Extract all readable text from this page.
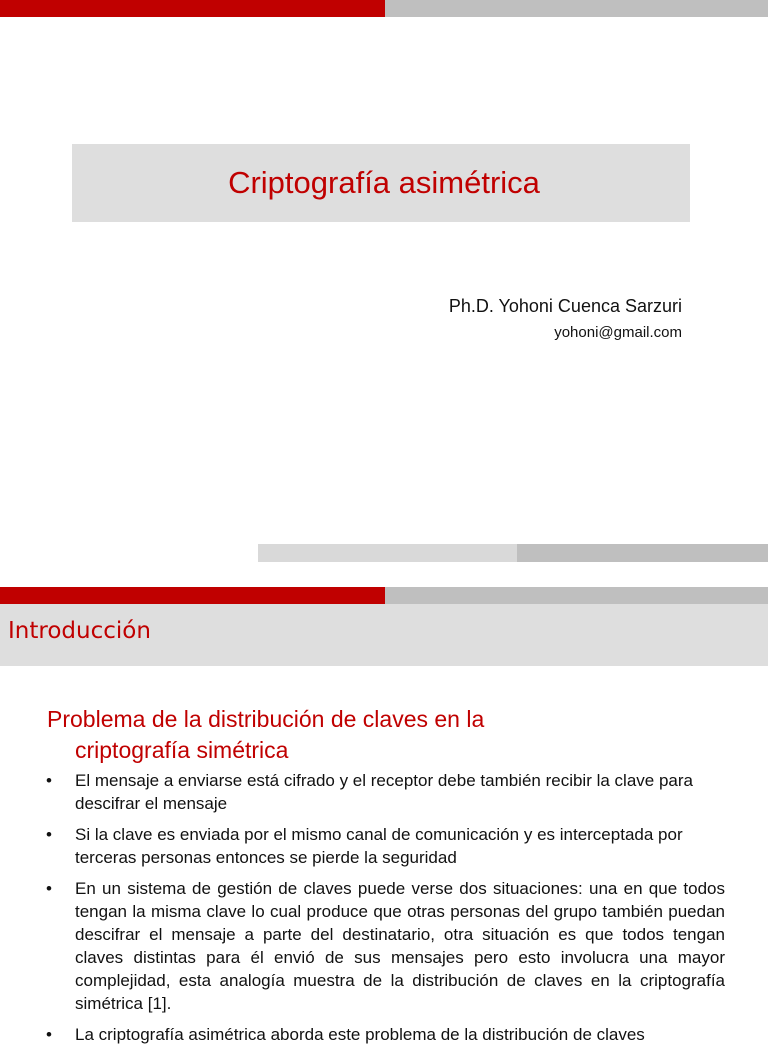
Criptografía asimétrica
Ph.D. Yohoni Cuenca Sarzuri
yohoni@gmail.com
Introducción
Problema de la distribución de claves en la criptografía simétrica
• El mensaje a enviarse está cifrado y el receptor debe también recibir la clave para descifrar el mensaje
• Si la clave es enviada por el mismo canal de comunicación y es interceptada por terceras personas entonces se pierde la seguridad
• En un sistema de gestión de claves puede verse dos situaciones: una en que todos tengan la misma clave lo cual produce que otras personas del grupo también puedan descifrar el mensaje a parte del destinatario, otra situación es que todos tengan claves distintas para él envió de sus mensajes pero esto involucra una mayor complejidad, esta analogía muestra de la distribución de claves en la criptografía simétrica [1].
• La criptografía asimétrica aborda este problema de la distribución de claves
